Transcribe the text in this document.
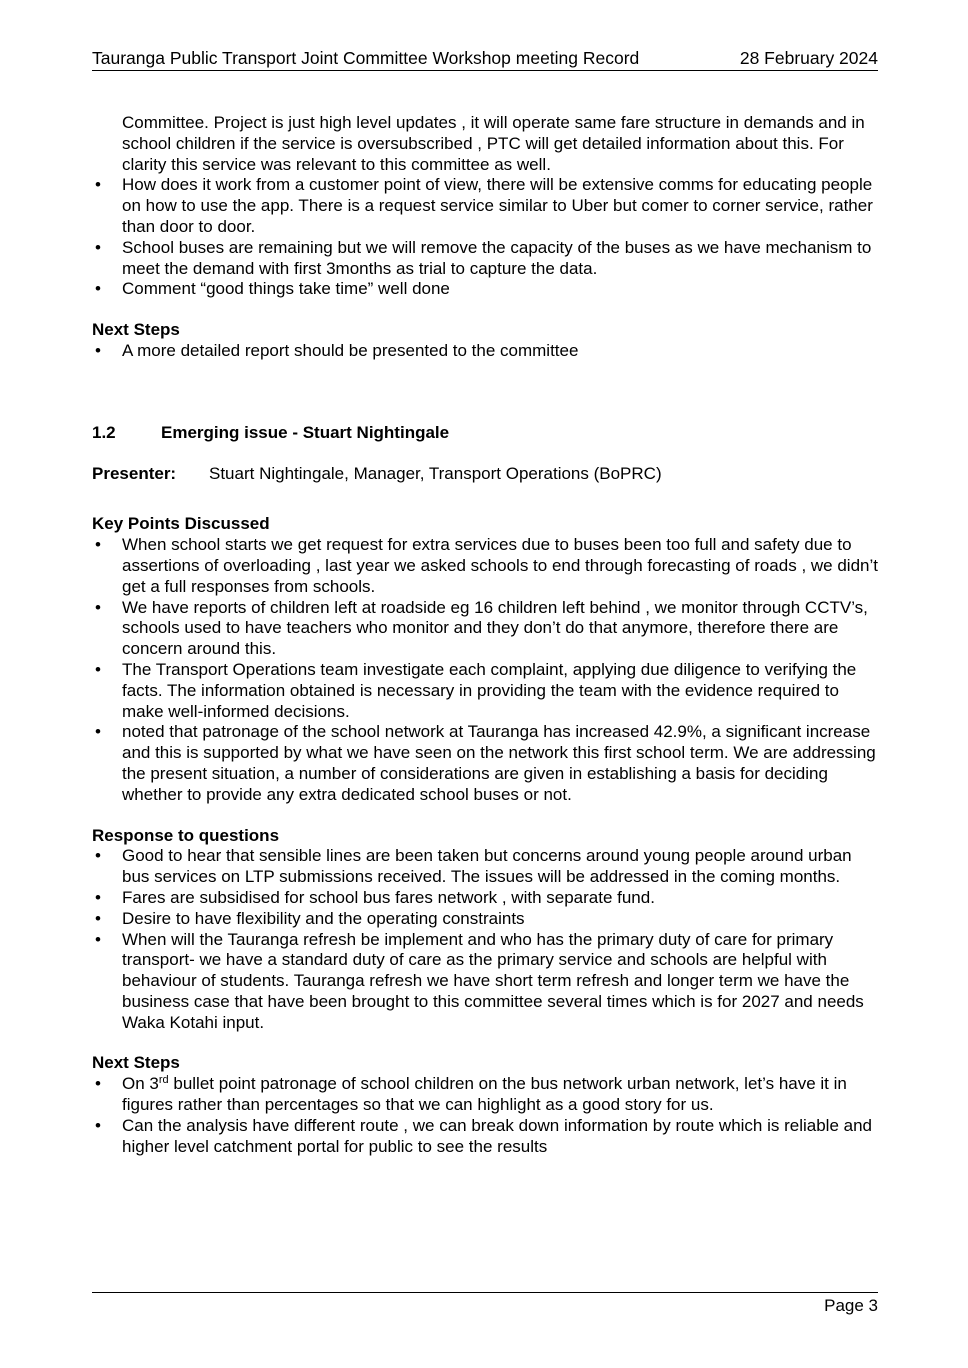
Tauranga Public Transport Joint Committee Workshop meeting Record	28 February 2024
Committee. Project is just high level updates , it will operate same fare structure in demands and in school children if the service is oversubscribed , PTC will get detailed information about this. For clarity this service was relevant to this committee as well.
• How does it work from a customer point of view, there will be extensive comms for educating people on how to use the app. There is a request service similar to Uber but comer to corner service, rather than door to door.
• School buses are remaining but we will remove the capacity of the buses as we have mechanism to meet the demand with first 3months as trial to capture the data.
• Comment “good things take time” well done
Next Steps
• A more detailed report should be presented to the committee
1.2	Emerging issue - Stuart Nightingale
Presenter: Stuart Nightingale, Manager, Transport Operations (BoPRC)
Key Points Discussed
• When school starts we get request for extra services due to buses been too full and safety due to assertions of overloading , last year we asked schools to end through forecasting of roads , we didn’t get a full responses from schools.
• We have reports of children left at roadside eg 16 children left behind , we monitor through CCTV’s, schools used to have teachers who monitor and they don’t do that anymore, therefore there are concern around this.
• The Transport Operations team investigate each complaint, applying due diligence to verifying the facts. The information obtained is necessary in providing the team with the evidence required to make well-informed decisions.
• noted that patronage of the school network at Tauranga has increased 42.9%, a significant increase and this is supported by what we have seen on the network this first school term. We are addressing the present situation, a number of considerations are given in establishing a basis for deciding whether to provide any extra dedicated school buses or not.
Response to questions
• Good to hear that sensible lines are been taken but concerns around young people around urban bus services on LTP submissions received. The issues will be addressed in the coming months.
• Fares are subsidised for school bus fares network , with separate fund.
• Desire to have flexibility and the operating constraints
• When will the Tauranga refresh be implement and who has the primary duty of care for primary transport- we have a standard duty of care as the primary service and schools are helpful with behaviour of students. Tauranga refresh we have short term refresh and longer term we have the business case that have been brought to this committee several times which is for 2027 and needs Waka Kotahi input.
Next Steps
• On 3rd bullet point patronage of school children on the bus network urban network, let’s have it in figures rather than percentages so that we can highlight as a good story for us.
• Can the analysis have different route , we can break down information by route which is reliable and higher level catchment portal for public to see the results
Page 3
